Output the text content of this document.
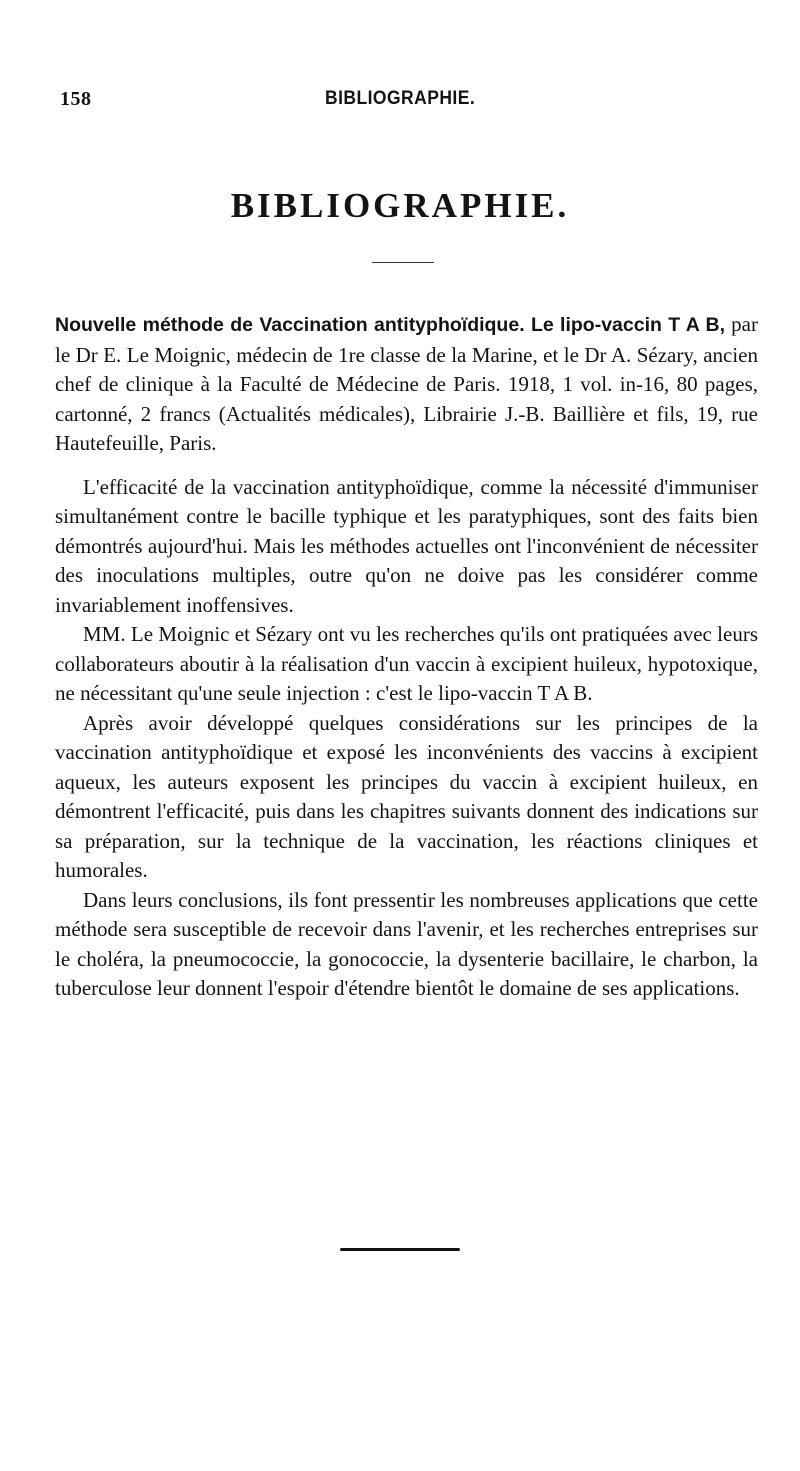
158	BIBLIOGRAPHIE.
BIBLIOGRAPHIE.

Nouvelle méthode de Vaccination antityphoïdique. Le lipo-vaccin T A B, par le Dr E. Le Moignic, médecin de 1re classe de la Marine, et le Dr A. Sézary, ancien chef de clinique à la Faculté de Médecine de Paris. 1918, 1 vol. in-16, 80 pages, cartonné, 2 francs (Actualités médicales), Librairie J.-B. Baillière et fils, 19, rue Hautefeuille, Paris.

L'efficacité de la vaccination antityphoïdique, comme la nécessité d'immuniser simultanément contre le bacille typhique et les paratyphiques, sont des faits bien démontrés aujourd'hui. Mais les méthodes actuelles ont l'inconvénient de nécessiter des inoculations multiples, outre qu'on ne doive pas les considérer comme invariablement inoffensives.

MM. Le Moignic et Sézary ont vu les recherches qu'ils ont pratiquées avec leurs collaborateurs aboutir à la réalisation d'un vaccin à excipient huileux, hypotoxique, ne nécessitant qu'une seule injection : c'est le lipo-vaccin T A B.

Après avoir développé quelques considérations sur les principes de la vaccination antityphoïdique et exposé les inconvénients des vaccins à excipient aqueux, les auteurs exposent les principes du vaccin à excipient huileux, en démontrent l'efficacité, puis dans les chapitres suivants donnent des indications sur sa préparation, sur la technique de la vaccination, les réactions cliniques et humorales.

Dans leurs conclusions, ils font pressentir les nombreuses applications que cette méthode sera susceptible de recevoir dans l'avenir, et les recherches entreprises sur le choléra, la pneumococcie, la gonococcie, la dysenterie bacillaire, le charbon, la tuberculose leur donnent l'espoir d'étendre bientôt le domaine de ses applications.
